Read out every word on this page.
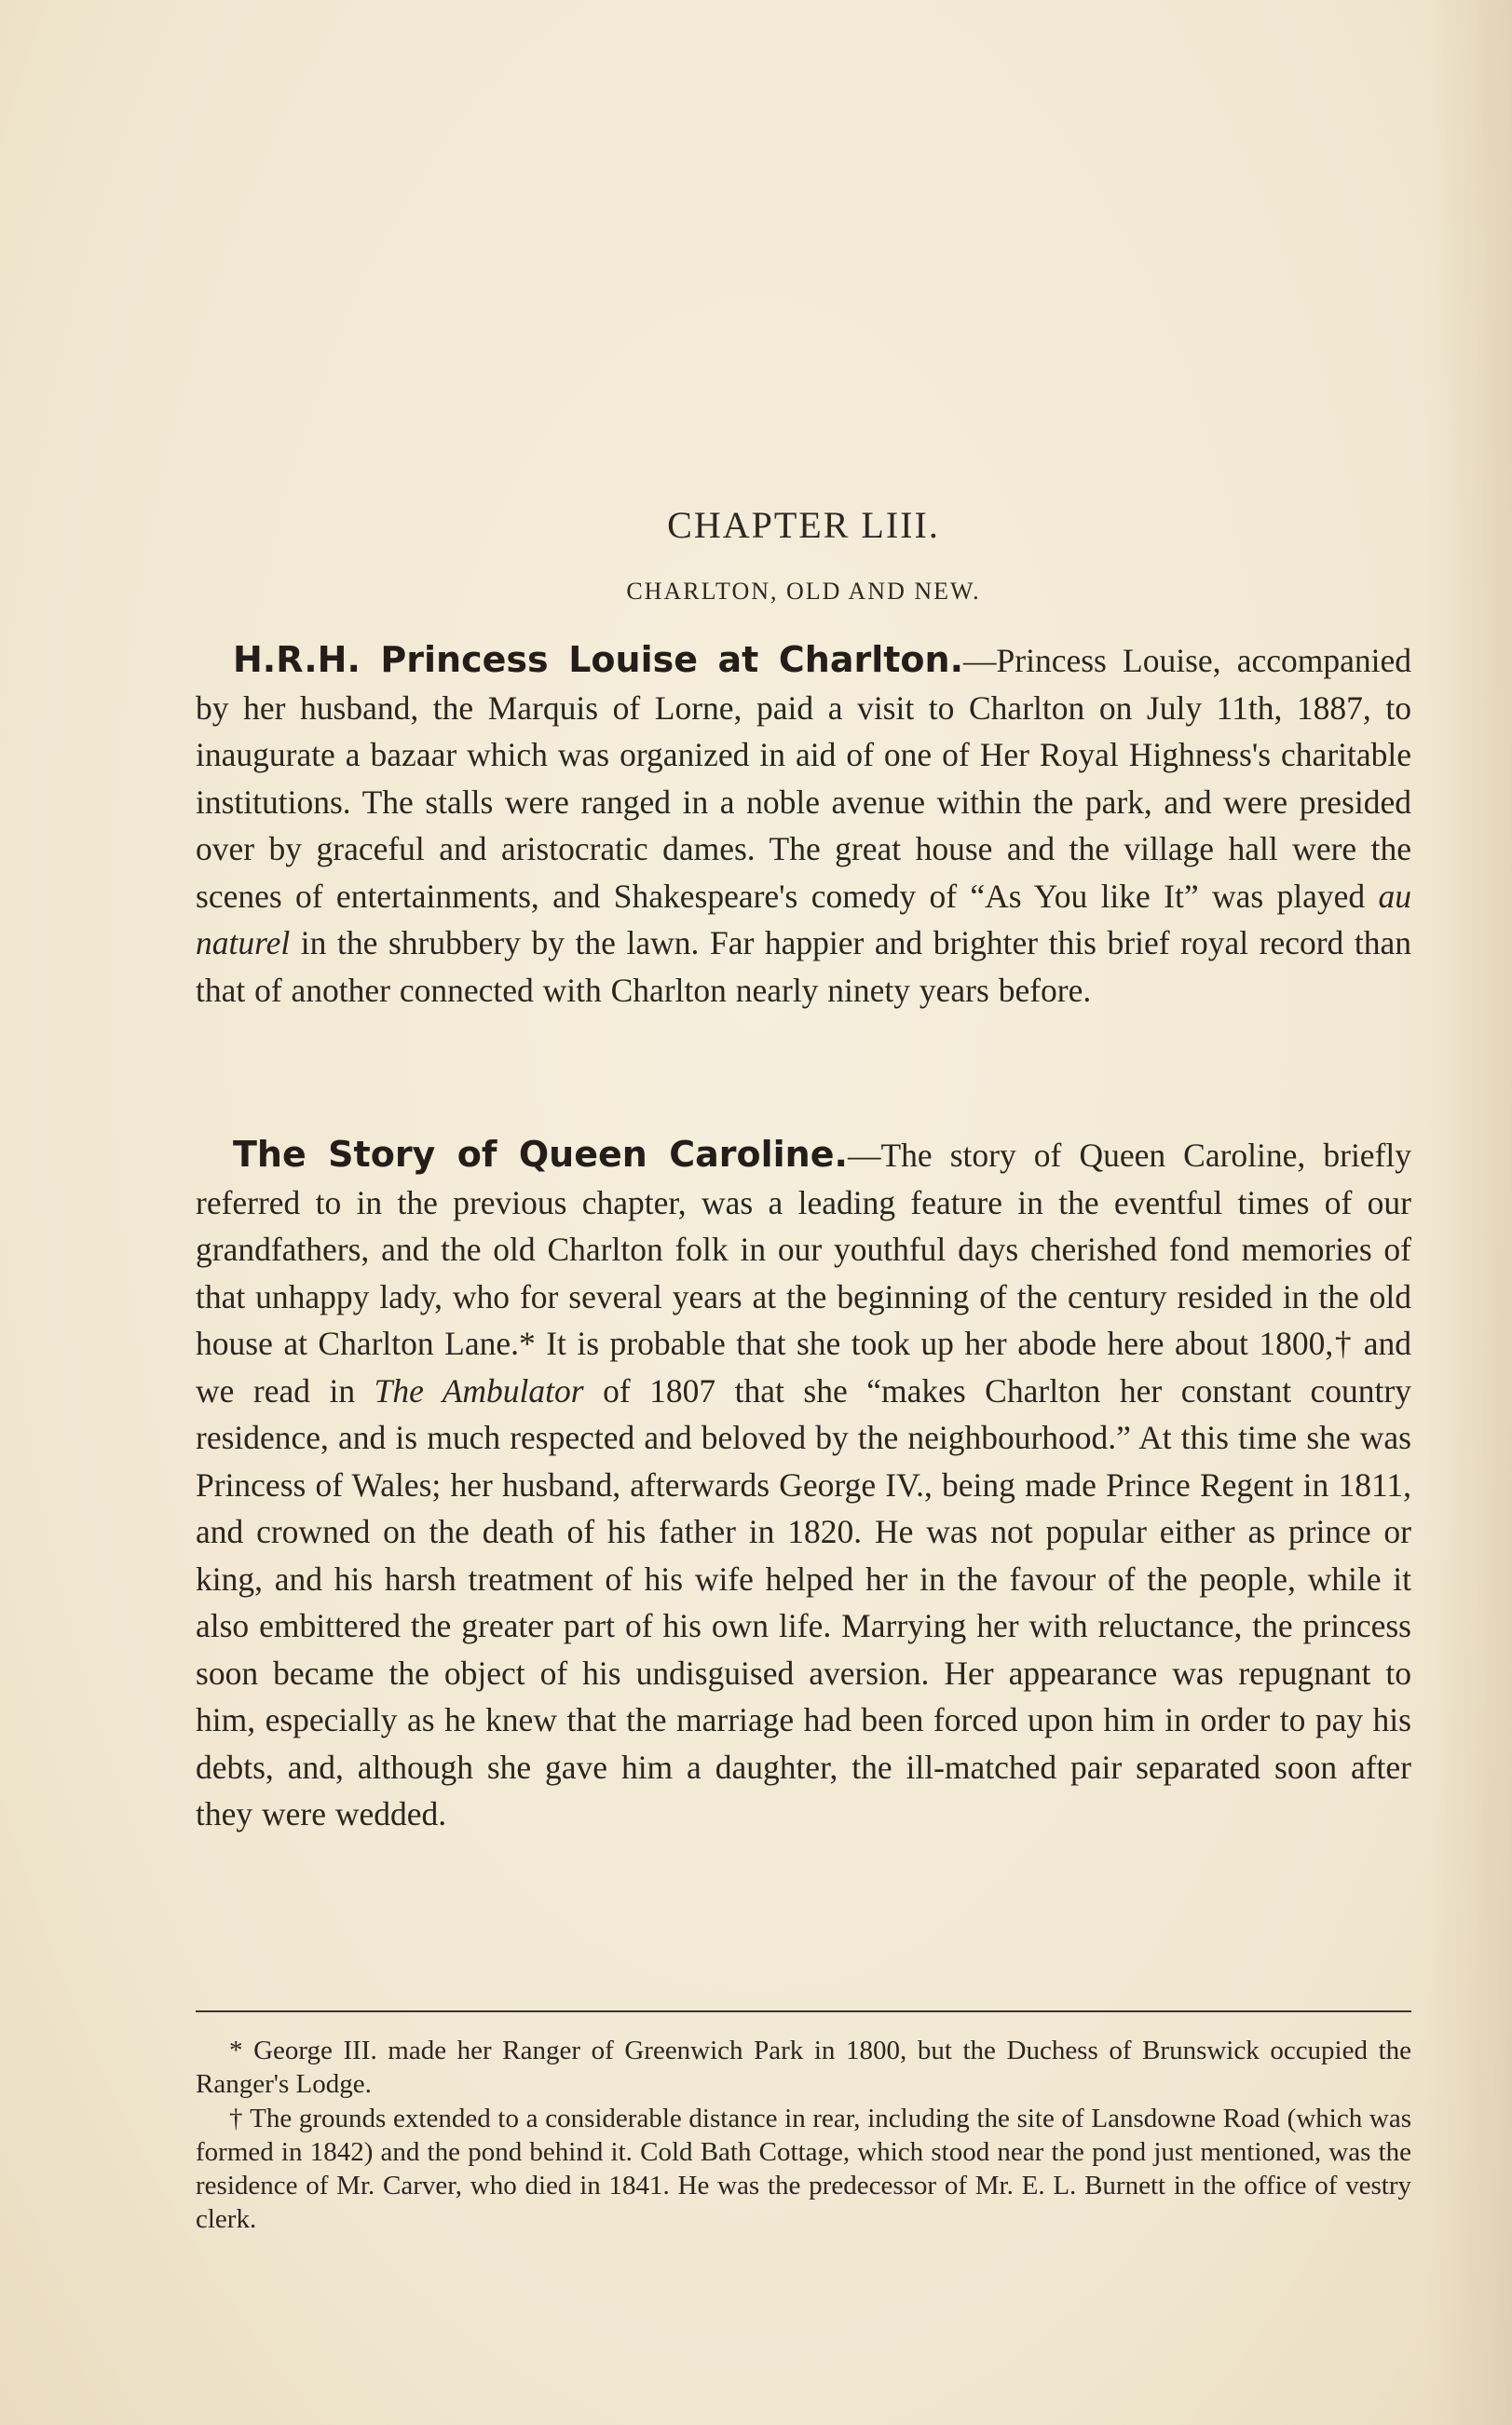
CHAPTER LIII.
CHARLTON, OLD AND NEW.

H.R.H. Princess Louise at Charlton.—Princess Louise, accompanied by her husband, the Marquis of Lorne, paid a visit to Charlton on July 11th, 1887, to inaugurate a bazaar which was organized in aid of one of Her Royal Highness's charitable institutions. The stalls were ranged in a noble avenue within the park, and were presided over by graceful and aristocratic dames. The great house and the village hall were the scenes of entertainments, and Shakespeare's comedy of “As You like It” was played au naturel in the shrubbery by the lawn. Far happier and brighter this brief royal record than that of another connected with Charlton nearly ninety years before.

The Story of Queen Caroline.—The story of Queen Caroline, briefly referred to in the previous chapter, was a leading feature in the eventful times of our grandfathers, and the old Charlton folk in our youthful days cherished fond memories of that unhappy lady, who for several years at the beginning of the century resided in the old house at Charlton Lane.* It is probable that she took up her abode here about 1800,† and we read in The Ambulator of 1807 that she “makes Charlton her constant country residence, and is much respected and beloved by the neighbourhood.” At this time she was Princess of Wales; her husband, afterwards George IV., being made Prince Regent in 1811, and crowned on the death of his father in 1820. He was not popular either as prince or king, and his harsh treatment of his wife helped her in the favour of the people, while it also embittered the greater part of his own life. Marrying her with reluctance, the princess soon became the object of his undisguised aversion. Her appearance was repugnant to him, especially as he knew that the marriage had been forced upon him in order to pay his debts, and, although she gave him a daughter, the ill-matched pair separated soon after they were wedded.

* George III. made her Ranger of Greenwich Park in 1800, but the Duchess of Brunswick occupied the Ranger's Lodge.

† The grounds extended to a considerable distance in rear, including the site of Lansdowne Road (which was formed in 1842) and the pond behind it. Cold Bath Cottage, which stood near the pond just mentioned, was the residence of Mr. Carver, who died in 1841. He was the predecessor of Mr. E. L. Burnett in the office of vestry clerk.
